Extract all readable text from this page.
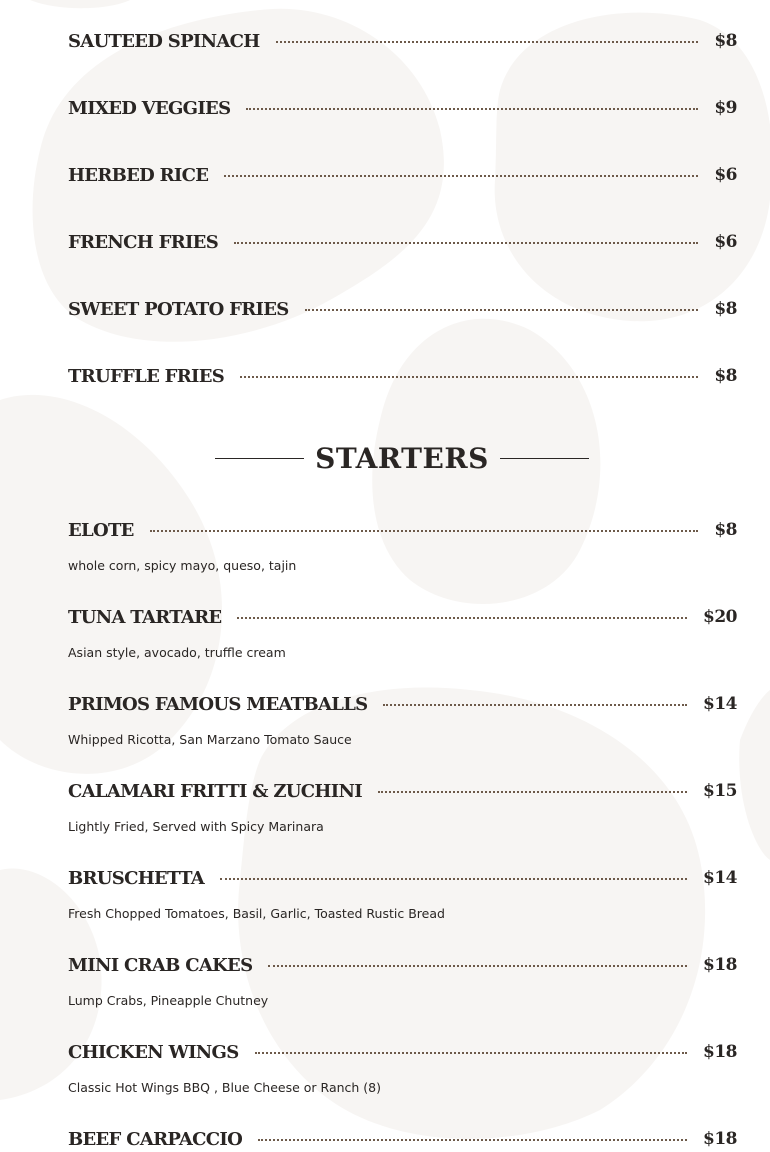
SAUTEED SPINACH	$8
MIXED VEGGIES	$9
HERBED RICE	$6
FRENCH FRIES	$6
SWEET POTATO FRIES	$8
TRUFFLE FRIES	$8
STARTERS
ELOTE	$8
whole corn, spicy mayo, queso, tajin
TUNA TARTARE	$20
Asian style, avocado, truffle cream
PRIMOS FAMOUS MEATBALLS	$14
Whipped Ricotta, San Marzano Tomato Sauce
CALAMARI FRITTI & ZUCHINI	$15
Lightly Fried, Served with Spicy Marinara
BRUSCHETTA	$14
Fresh Chopped Tomatoes, Basil, Garlic, Toasted Rustic Bread
MINI CRAB CAKES	$18
Lump Crabs, Pineapple Chutney
CHICKEN WINGS	$18
Classic Hot Wings BBQ , Blue Cheese or Ranch (8)
BEEF CARPACCIO	$18
